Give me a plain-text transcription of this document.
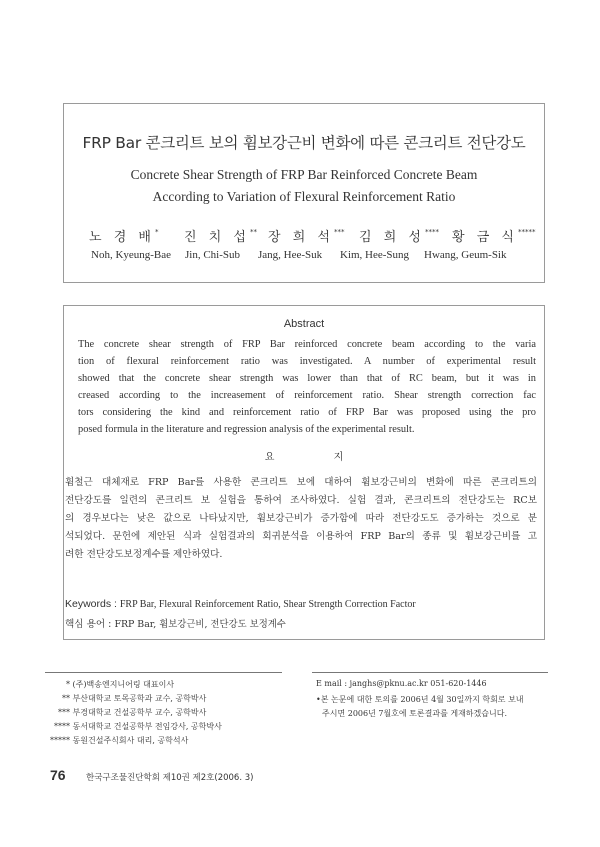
FRP Bar 콘크리트 보의 휨보강근비 변화에 따른 콘크리트 전단강도
Concrete Shear Strength of FRP Bar Reinforced Concrete Beam
According to Variation of Flexural Reinforcement Ratio
노 경 배* 진 치 섭** 장 희 석*** 김 희 성**** 황 금 식*****
Noh, Kyeung-Bae Jin, Chi-Sub Jang, Hee-Suk Kim, Hee-Sung Hwang, Geum-Sik
Abstract
The concrete shear strength of FRP Bar reinforced concrete beam according to the varia
tion of flexural reinforcement ratio was investigated. A number of experimental result
showed that the concrete shear strength was lower than that of RC beam, but it was in
creased according to the increasement of reinforcement ratio. Shear strength correction fac
tors considering the kind and reinforcement ratio of FRP Bar was proposed using the pro
posed formula in the literature and regression analysis of the experimental result.
요 지
휨철근 대체재로 FRP Bar를 사용한 콘크리트 보에 대하여 휨보강근비의 변화에 따른 콘크리트의
전단강도를 일련의 콘크리트 보 실험을 통하여 조사하였다. 실험 결과, 콘크리트의 전단강도는 RC보
의 경우보다는 낮은 값으로 나타났지만, 휨보강근비가 증가함에 따라 전단강도도 증가하는 것으로 분
석되었다. 문헌에 제안된 식과 실험결과의 회귀분석을 이용하여 FRP Bar의 종류 및 휨보강근비를 고
려한 전단강도보정계수를 제안하였다.
Keywords : FRP Bar, Flexural Reinforcement Ratio, Shear Strength Correction Factor
핵심 용어 : FRP Bar, 휨보강근비, 전단강도 보정계수
* (주)백송엔지니어링 대표이사
** 부산대학교 토목공학과 교수, 공학박사
*** 부경대학교 건설공학부 교수, 공학박사
**** 동서대학교 건설공학부 전임강사, 공학박사
***** 동원건설주식회사 대리, 공학석사
E mail : janghs@pknu.ac.kr 051-620-1446
•본 논문에 대한 토의를 2006년 4월 30일까지 학회로 보내
주시면 2006년 7월호에 토론결과를 게재하겠습니다.
76 한국구조물진단학회 제10권 제2호(2006. 3)
